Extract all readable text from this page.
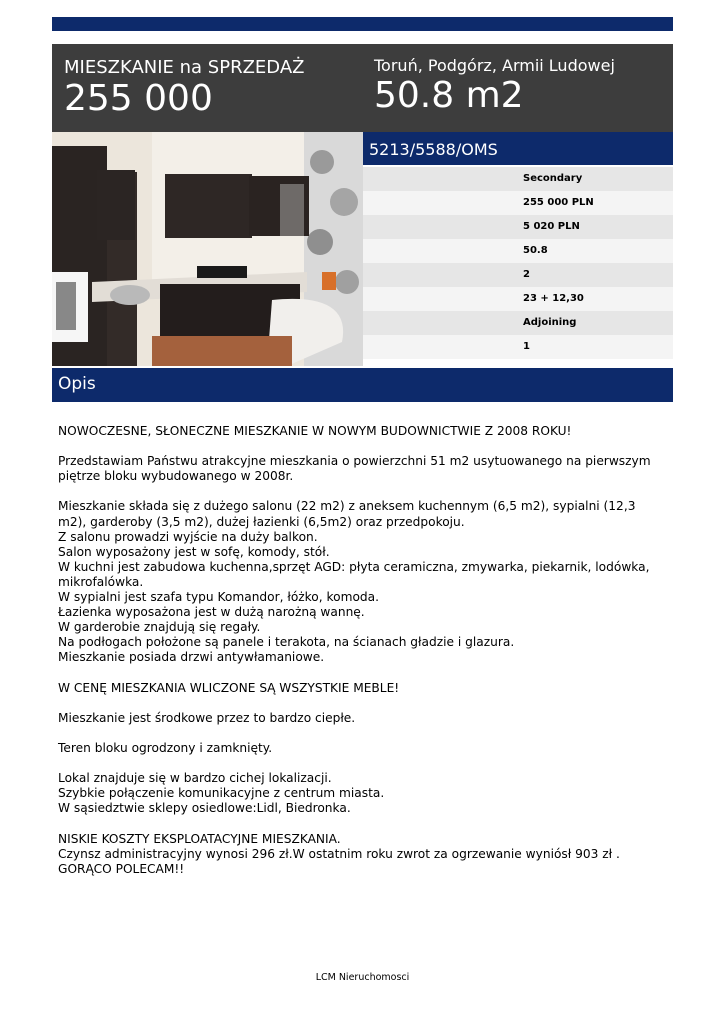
MIESZKANIE na SPRZEDAŻ
255 000
Toruń, Podgórz, Armii Ludowej
50.8 m2
5213/5588/OMS
Secondary
255 000 PLN
5 020 PLN
50.8
2
23 + 12,30
Adjoining
1
Opis

NOWOCZESNE, SŁONECZNE MIESZKANIE W NOWYM BUDOWNICTWIE Z 2008 ROKU!

Przedstawiam Państwu atrakcyjne mieszkania o powierzchni 51 m2 usytuowanego na pierwszym

piętrze bloku wybudowanego w 2008r.

Mieszkanie składa się z dużego salonu (22 m2) z aneksem kuchennym (6,5 m2), sypialni (12,3

m2), garderoby (3,5 m2), dużej łazienki (6,5m2) oraz przedpokoju.

Z salonu prowadzi wyjście na duży balkon.

Salon wyposażony jest w sofę, komody, stół.

W kuchni jest zabudowa kuchenna,sprzęt AGD: płyta ceramiczna, zmywarka, piekarnik, lodówka,

mikrofalówka.

W sypialni jest szafa typu Komandor, łóżko, komoda.

Łazienka wyposażona jest w dużą narożną wannę.

W garderobie znajdują się regały.

Na podłogach położone są panele i terakota, na ścianach gładzie i glazura.

Mieszkanie posiada drzwi antywłamaniowe.

W CENĘ MIESZKANIA WLICZONE SĄ WSZYSTKIE MEBLE!

Mieszkanie jest środkowe przez to bardzo ciepłe.

Teren bloku ogrodzony i zamknięty.

Lokal znajduje się w bardzo cichej lokalizacji.

Szybkie połączenie komunikacyjne z centrum miasta.

W sąsiedztwie sklepy osiedlowe:Lidl, Biedronka.

NISKIE KOSZTY EKSPLOATACYJNE MIESZKANIA.

Czynsz administracyjny wynosi 296 zł.W ostatnim roku zwrot za ogrzewanie wyniósł 903 zł .

GORĄCO POLECAM!!

LCM Nieruchomosci
